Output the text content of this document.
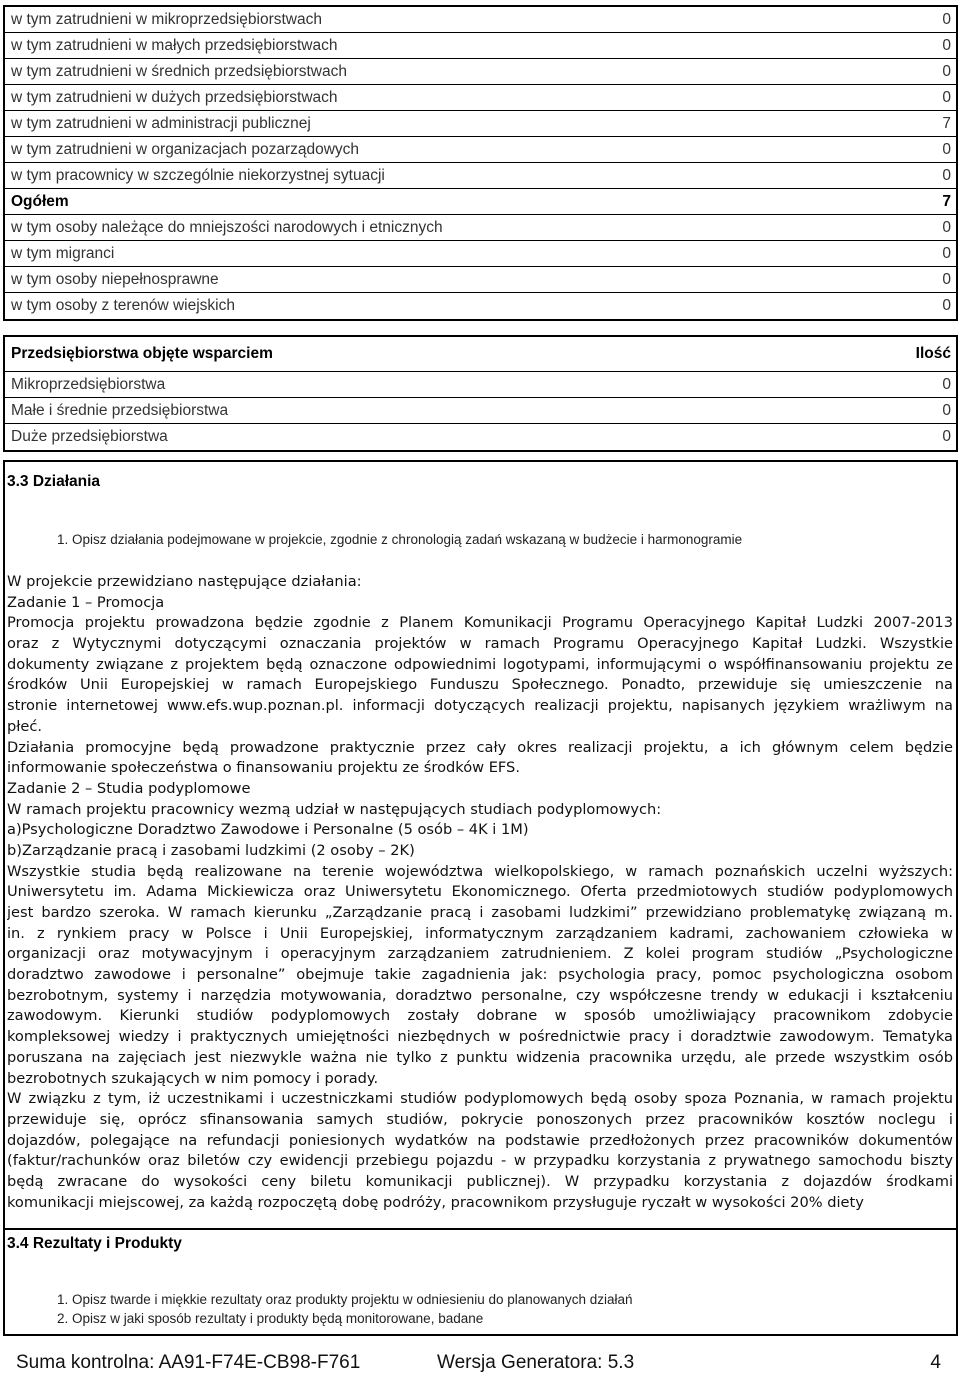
w tym zatrudnieni w mikroprzedsiębiorstwach	0
w tym zatrudnieni w małych przedsiębiorstwach	0
w tym zatrudnieni w średnich przedsiębiorstwach	0
w tym zatrudnieni w dużych przedsiębiorstwach	0
w tym zatrudnieni w administracji publicznej	7
w tym zatrudnieni w organizacjach pozarządowych	0
w tym pracownicy w szczególnie niekorzystnej sytuacji	0
Ogółem	7
w tym osoby należące do mniejszości narodowych i etnicznych	0
w tym migranci	0
w tym osoby niepełnosprawne	0
w tym osoby z terenów wiejskich	0
Przedsiębiorstwa objęte wsparciem	Ilość
Mikroprzedsiębiorstwa	0
Małe i średnie przedsiębiorstwa	0
Duże przedsiębiorstwa	0
3.3 Działania
1. Opisz działania podejmowane w projekcie, zgodnie z chronologią zadań wskazaną w budżecie i harmonogramie
W projekcie przewidziano następujące działania:
Zadanie 1 – Promocja
Promocja projektu prowadzona będzie zgodnie z Planem Komunikacji Programu Operacyjnego Kapitał Ludzki 2007-2013
oraz z Wytycznymi dotyczącymi oznaczania projektów w ramach Programu Operacyjnego Kapitał Ludzki. Wszystkie
dokumenty związane z projektem będą oznaczone odpowiednimi logotypami, informującymi o współfinansowaniu projektu ze
środków Unii Europejskiej w ramach Europejskiego Funduszu Społecznego. Ponadto, przewiduje się umieszczenie na
stronie internetowej www.efs.wup.poznan.pl. informacji dotyczących realizacji projektu, napisanych językiem wrażliwym na
płeć.
Działania promocyjne będą prowadzone praktycznie przez cały okres realizacji projektu, a ich głównym celem będzie
informowanie społeczeństwa o finansowaniu projektu ze środków EFS.
Zadanie 2 – Studia podyplomowe
W ramach projektu pracownicy wezmą udział w następujących studiach podyplomowych:
a)Psychologiczne Doradztwo Zawodowe i Personalne (5 osób – 4K i 1M)
b)Zarządzanie pracą i zasobami ludzkimi (2 osoby – 2K)
Wszystkie studia będą realizowane na terenie województwa wielkopolskiego, w ramach poznańskich uczelni wyższych:
Uniwersytetu im. Adama Mickiewicza oraz Uniwersytetu Ekonomicznego. Oferta przedmiotowych studiów podyplomowych
jest bardzo szeroka. W ramach kierunku „Zarządzanie pracą i zasobami ludzkimi” przewidziano problematykę związaną m.
in. z rynkiem pracy w Polsce i Unii Europejskiej, informatycznym zarządzaniem kadrami, zachowaniem człowieka w
organizacji oraz motywacyjnym i operacyjnym zarządzaniem zatrudnieniem. Z kolei program studiów „Psychologiczne
doradztwo zawodowe i personalne” obejmuje takie zagadnienia jak: psychologia pracy, pomoc psychologiczna osobom
bezrobotnym, systemy i narzędzia motywowania, doradztwo personalne, czy współczesne trendy w edukacji i kształceniu
zawodowym. Kierunki studiów podyplomowych zostały dobrane w sposób umożliwiający pracownikom zdobycie
kompleksowej wiedzy i praktycznych umiejętności niezbędnych w pośrednictwie pracy i doradztwie zawodowym. Tematyka
poruszana na zajęciach jest niezwykle ważna nie tylko z punktu widzenia pracownika urzędu, ale przede wszystkim osób
bezrobotnych szukających w nim pomocy i porady.
W związku z tym, iż uczestnikami i uczestniczkami studiów podyplomowych będą osoby spoza Poznania, w ramach projektu
przewiduje się, oprócz sfinansowania samych studiów, pokrycie ponoszonych przez pracowników kosztów noclegu i
dojazdów, polegające na refundacji poniesionych wydatków na podstawie przedłożonych przez pracowników dokumentów
(faktur/rachunków oraz biletów czy ewidencji przebiegu pojazdu - w przypadku korzystania z prywatnego samochodu biszty
będą zwracane do wysokości ceny biletu komunikacji publicznej). W przypadku korzystania z dojazdów środkami
komunikacji miejscowej, za każdą rozpoczętą dobę podróży, pracownikom przysługuje ryczałt w wysokości 20% diety
3.4 Rezultaty i Produkty
1. Opisz twarde i miękkie rezultaty oraz produkty projektu w odniesieniu do planowanych działań
2. Opisz w jaki sposób rezultaty i produkty będą monitorowane, badane
Suma kontrolna: AA91-F74E-CB98-F761	Wersja Generatora: 5.3	4
